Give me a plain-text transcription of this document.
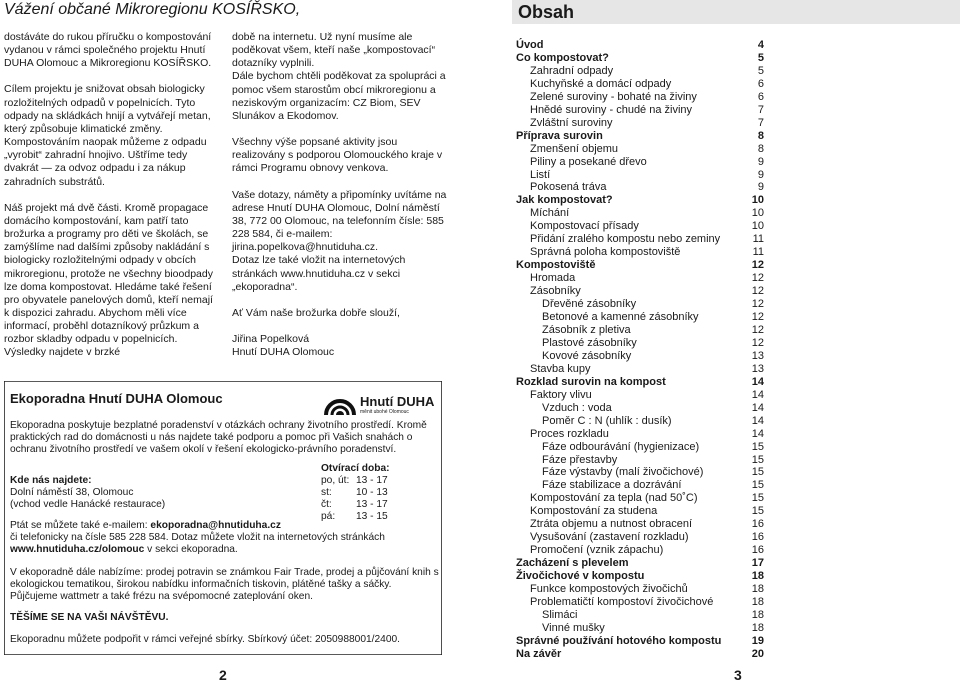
Vážení občané Mikroregionu KOSÍŘSKO,

dostáváte do rukou příručku o kompostování vydanou v rámci společného projektu Hnutí DUHA Olomouc a Mikroregionu KOSÍŘSKO.

Cílem projektu je snižovat obsah biologicky rozložitelných odpadů v popelnicích. Tyto odpady na skládkách hnijí a vytvářejí metan, který způsobuje klimatické změny. Kompostováním naopak můžeme z odpadu „vyrobit“ zahradní hnojivo. Uštříme tedy dvakrát — za odvoz odpadu i za nákup zahradních substrátů.

Náš projekt má dvě části. Kromě propagace domácího kompostování, kam patří tato brožurka a programy pro děti ve školách, se zamýšlíme nad dalšími způsoby nakládání s biologicky rozložitelnými odpady v obcích mikroregionu, protože ne všechny bioodpady lze doma kompostovat. Hledáme také řešení pro obyvatele panelových domů, kteří nemají k dispozici zahradu. Abychom měli více informací, proběhl dotazníkový průzkum a rozbor skladby odpadu v popelnicích. Výsledky najdete v brzké

době na internetu. Už nyní musíme ale poděkovat všem, kteří naše „kompostovací“ dotazníky vyplnili.
Dále bychom chtěli poděkovat za spolupráci a pomoc všem starostům obcí mikroregionu a neziskovým organizacím: CZ Biom, SEV Slunákov a Ekodomov.

Všechny výše popsané aktivity jsou realizovány s podporou Olomouckého kraje v rámci Programu obnovy venkova.

Vaše dotazy, náměty a připomínky uvítáme na adrese Hnutí DUHA Olomouc, Dolní náměstí 38, 772 00 Olomouc, na telefonním čísle: 585 228 584, či e-mailem: jirina.popelkova@hnutiduha.cz.
Dotaz lze také vložit na internetových stránkách www.hnutiduha.cz v sekci „ekoporadna“.

Ať Vám naše brožurka dobře slouží,

Jiřina Popelková
Hnutí DUHA Olomouc

Ekoporadna Hnutí DUHA Olomouc	Hnutí DUHA
měnit ubohé Olomouc
Ekoporadna poskytuje bezplatné poradenství v otázkách ochrany životního prostředí. Kromě praktických rad do domácnosti u nás najdete také podporu a pomoc při Vašich snahách o ochranu životního prostředí ve vašem okolí v řešení ekologicko-právního poradenství.
Otvírací doba:
po, út: 13 - 17
st:	10 - 13
čt:	13 - 17
pá:	13 - 15
Kde nás najdete:
Dolní náměstí 38, Olomouc
(vchod vedle Hanácké restaurace)
Ptát se můžete také e-mailem: ekoporadna@hnutiduha.cz
či telefonicky na čísle 585 228 584. Dotaz můžete vložit na internetových stránkách www.hnutiduha.cz/olomouc v sekci ekoporadna.
V ekoporadně dále nabízíme: prodej potravin se známkou Fair Trade, prodej a půjčování knih s ekologickou tematikou, širokou nabídku informačních tiskovin, plátěné tašky a sáčky. Půjčujeme wattmetr a také frézu na svépomocné zateplování oken.
TĚŠÍME SE NA VAŠI NÁVŠTĚVU.
Ekoporadnu můžete podpořit v rámci veřejné sbírky. Sbírkový účet: 2050988001/2400.
2
Obsah
Úvod	4
Co kompostovat?	5
Zahradní odpady	5
Kuchyňské a domácí odpady	6
Zelené suroviny - bohaté na živiny	6
Hnědé suroviny - chudé na živiny	7
Zvláštní suroviny	7
Příprava surovin	8
Zmenšení objemu	8
Piliny a posekané dřevo	9
Listí	9
Pokosená tráva	9
Jak kompostovat?	10
Míchání	10
Kompostovací přísady	10
Přidání zralého kompostu nebo zeminy	11
Správná poloha kompostoviště	11
Kompostoviště	12
Hromada	12
Zásobníky	12
Dřevěné zásobníky	12
Betonové a kamenné zásobníky	12
Zásobník z pletiva	12
Plastové zásobníky	12
Kovové zásobníky	13
Stavba kupy	13
Rozklad surovin na kompost	14
Faktory vlivu	14
Vzduch : voda	14
Poměr C : N (uhlík : dusík)	14
Proces rozkladu	14
Fáze odbourávání (hygienizace)	15
Fáze přestavby	15
Fáze výstavby (malí živočichové)	15
Fáze stabilizace a dozrávání	15
Kompostování za tepla (nad 50˚C)	15
Kompostování za studena	15
Ztráta objemu a nutnost obracení	16
Vysušování (zastavení rozkladu)	16
Promočení (vznik zápachu)	16
Zacházení s plevelem	17
Živočichové v kompostu	18
Funkce kompostových živočichů	18
Problematičtí kompostoví živočichové	18
Slimáci	18
Vinné mušky	18
Správné používání hotového kompostu	19
Na závěr	20
3
